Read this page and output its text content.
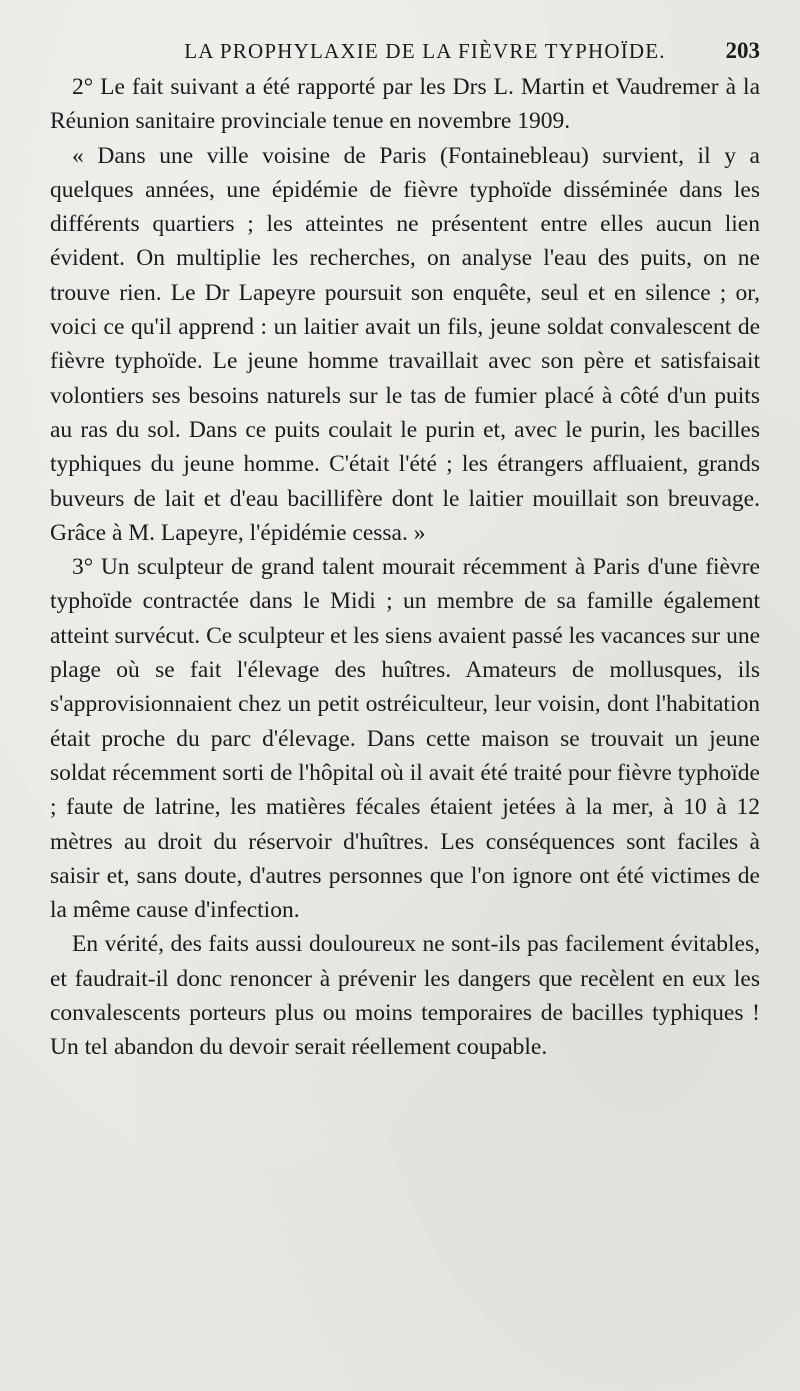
LA PROPHYLAXIE DE LA FIÈVRE TYPHOÏDE.	203

2° Le fait suivant a été rapporté par les Drs L. Martin et Vaudremer à la Réunion sanitaire provinciale tenue en novembre 1909.

« Dans une ville voisine de Paris (Fontainebleau) survient, il y a quelques années, une épidémie de fièvre typhoïde disséminée dans les différents quartiers ; les atteintes ne présentent entre elles aucun lien évident. On multiplie les recherches, on analyse l'eau des puits, on ne trouve rien. Le Dr Lapeyre poursuit son enquête, seul et en silence ; or, voici ce qu'il apprend : un laitier avait un fils, jeune soldat convalescent de fièvre typhoïde. Le jeune homme travaillait avec son père et satisfaisait volontiers ses besoins naturels sur le tas de fumier placé à côté d'un puits au ras du sol. Dans ce puits coulait le purin et, avec le purin, les bacilles typhiques du jeune homme. C'était l'été ; les étrangers affluaient, grands buveurs de lait et d'eau bacillifère dont le laitier mouillait son breuvage. Grâce à M. Lapeyre, l'épidémie cessa. »

3° Un sculpteur de grand talent mourait récemment à Paris d'une fièvre typhoïde contractée dans le Midi ; un membre de sa famille également atteint survécut. Ce sculpteur et les siens avaient passé les vacances sur une plage où se fait l'élevage des huîtres. Amateurs de mollusques, ils s'approvisionnaient chez un petit ostréiculteur, leur voisin, dont l'habitation était proche du parc d'élevage. Dans cette maison se trouvait un jeune soldat récemment sorti de l'hôpital où il avait été traité pour fièvre typhoïde ; faute de latrine, les matières fécales étaient jetées à la mer, à 10 à 12 mètres au droit du réservoir d'huîtres. Les conséquences sont faciles à saisir et, sans doute, d'autres personnes que l'on ignore ont été victimes de la même cause d'infection.

En vérité, des faits aussi douloureux ne sont-ils pas facilement évitables, et faudrait-il donc renoncer à prévenir les dangers que recèlent en eux les convalescents porteurs plus ou moins temporaires de bacilles typhiques ! Un tel abandon du devoir serait réellement coupable.
